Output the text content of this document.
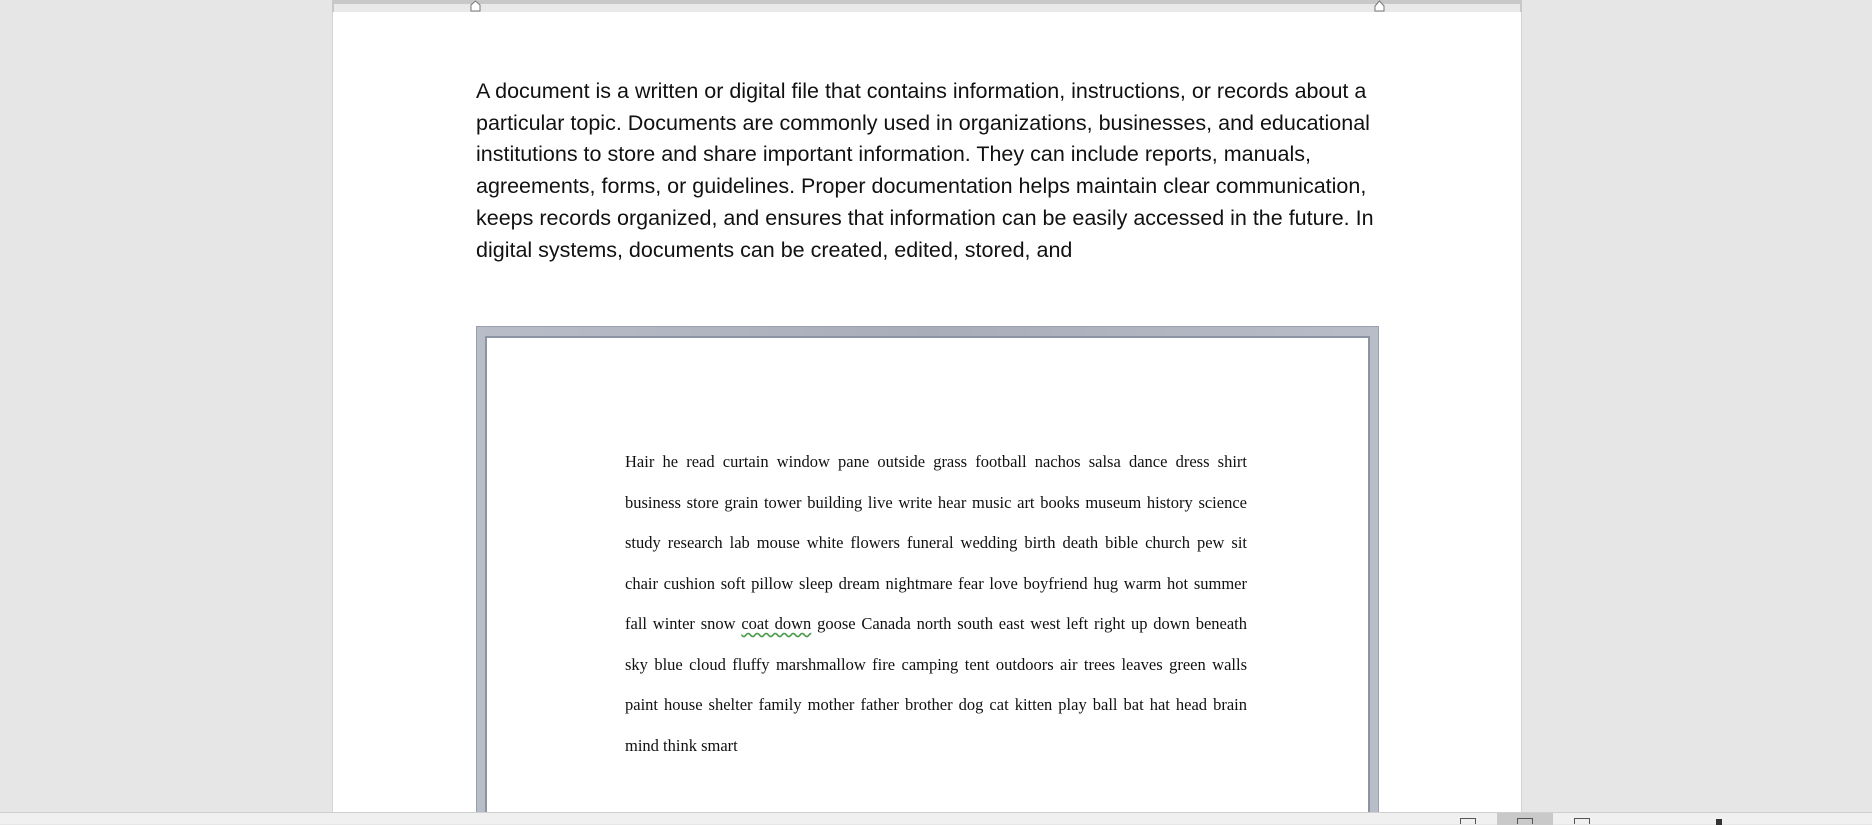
A document is a written or digital file that contains information, instructions, or records about a particular topic. Documents are commonly used in organizations, businesses, and educational institutions to store and share important information. They can include reports, manuals, agreements, forms, or guidelines. Proper documentation helps maintain clear communication, keeps records organized, and ensures that information can be easily accessed in the future. In digital systems, documents can be created, edited, stored, and

Hair he read curtain window pane outside grass football nachos salsa dance dress shirt business store grain tower building live write hear music art books museum history science study research lab mouse white flowers funeral wedding birth death bible church pew sit chair cushion soft pillow sleep dream nightmare fear love boyfriend hug warm hot summer fall winter snow coat down goose Canada north south east west left right up down beneath sky blue cloud fluffy marshmallow fire camping tent outdoors air trees leaves green walls paint house shelter family mother father brother dog cat kitten play ball bat hat head brain mind think smart
